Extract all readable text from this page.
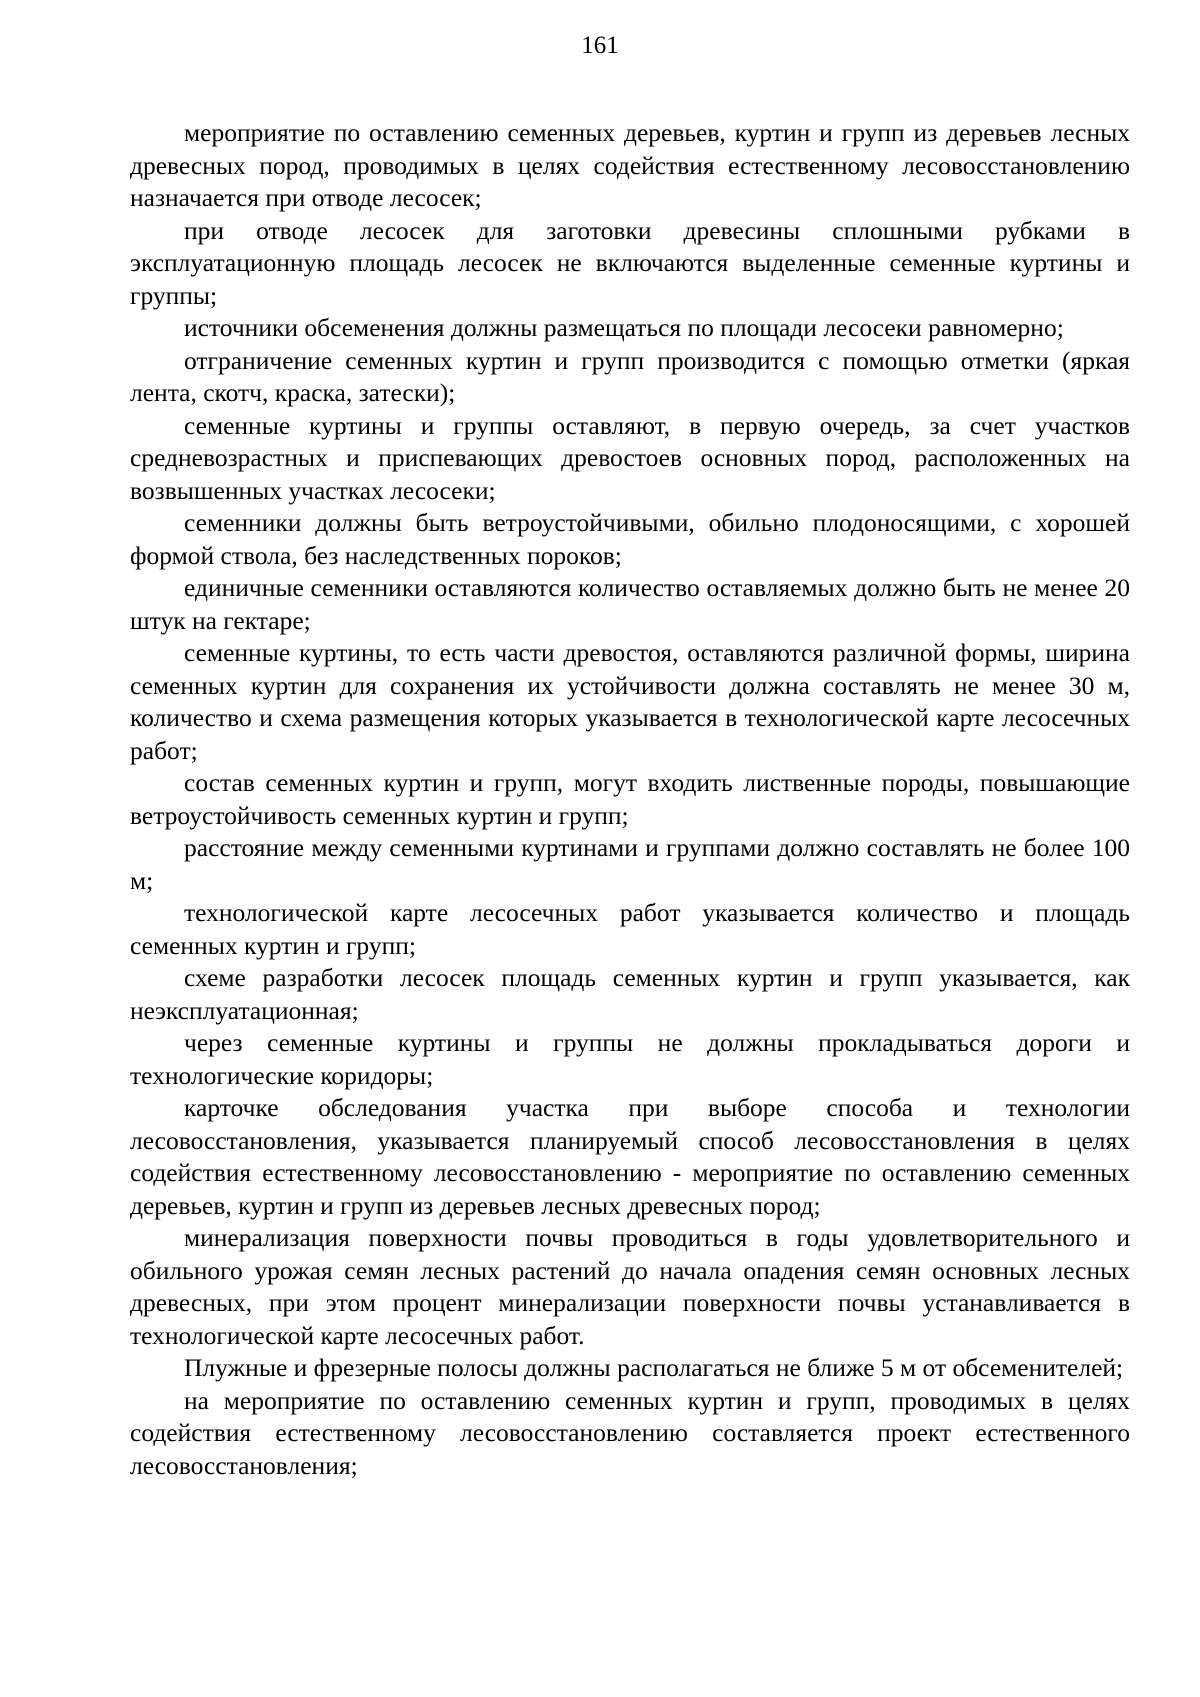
161

мероприятие по оставлению семенных деревьев, куртин и групп из деревьев лесных древесных пород, проводимых в целях содействия естественному лесовосстановлению назначается при отводе лесосек;

при отводе лесосек для заготовки древесины сплошными рубками в эксплуатационную площадь лесосек не включаются выделенные семенные куртины и группы;

источники обсеменения должны размещаться по площади лесосеки равномерно;

отграничение семенных куртин и групп производится с помощью отметки (яркая лента, скотч, краска, затески);

семенные куртины и группы оставляют, в первую очередь, за счет участков средневозрастных и приспевающих древостоев основных пород, расположенных на возвышенных участках лесосеки;

семенники должны быть ветроустойчивыми, обильно плодоносящими, с хорошей формой ствола, без наследственных пороков;

единичные семенники оставляются количество оставляемых должно быть не менее 20 штук на гектаре;

семенные куртины, то есть части древостоя, оставляются различной формы, ширина семенных куртин для сохранения их устойчивости должна составлять не менее 30 м, количество и схема размещения которых указывается в технологической карте лесосечных работ;

состав семенных куртин и групп, могут входить лиственные породы, повышающие ветроустойчивость семенных куртин и групп;

расстояние между семенными куртинами и группами должно составлять не более 100 м;

технологической карте лесосечных работ указывается количество и площадь семенных куртин и групп;

схеме разработки лесосек площадь семенных куртин и групп указывается, как неэксплуатационная;

через семенные куртины и группы не должны прокладываться дороги и технологические коридоры;

карточке обследования участка при выборе способа и технологии лесовосстановления, указывается планируемый способ лесовосстановления в целях содействия естественному лесовосстановлению - мероприятие по оставлению семенных деревьев, куртин и групп из деревьев лесных древесных пород;

минерализация поверхности почвы проводиться в годы удовлетворительного и обильного урожая семян лесных растений до начала опадения семян основных лесных древесных, при этом процент минерализации поверхности почвы устанавливается в технологической карте лесосечных работ.

Плужные и фрезерные полосы должны располагаться не ближе 5 м от обсеменителей;

на мероприятие по оставлению семенных куртин и групп, проводимых в целях содействия естественному лесовосстановлению составляется проект естественного лесовосстановления;
